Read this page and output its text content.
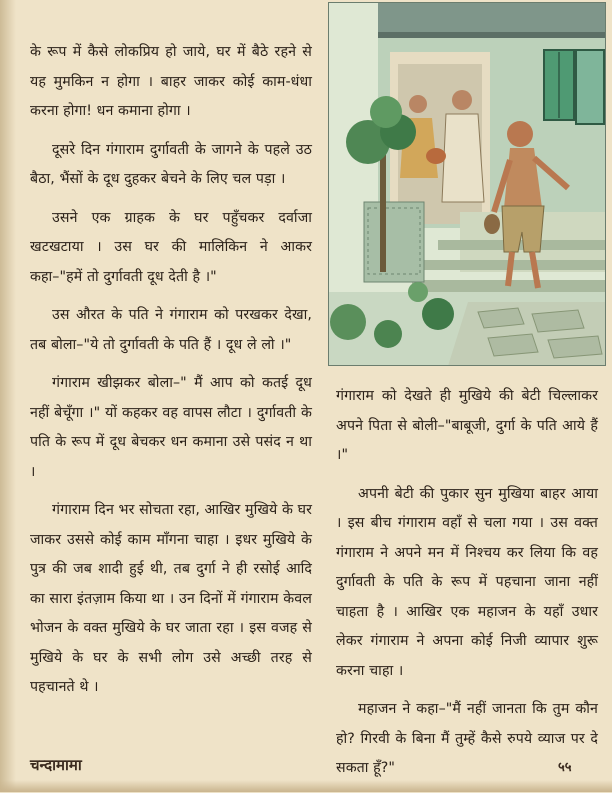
के रूप में कैसे लोकप्रिय हो जाये, घर में बैठे रहने से यह मुमकिन न होगा । बाहर जाकर कोई काम-धंधा करना होगा! धन कमाना होगा ।

दूसरे दिन गंगाराम दुर्गावती के जागने के पहले उठ बैठा, भैंसों के दूध दुहकर बेचने के लिए चल पड़ा ।

उसने एक ग्राहक के घर पहुँचकर दर्वाजा खटखटाया । उस घर की मालिकिन ने आकर कहा–"हमें तो दुर्गावती दूध देती है ।"

उस औरत के पति ने गंगाराम को परखकर देखा, तब बोला–"ये तो दुर्गावती के पति हैं । दूध ले लो ।"

गंगाराम खीझकर बोला–" मैं आप को कतई दूध नहीं बेचूँगा ।" यों कहकर वह वापस लौटा । दुर्गावती के पति के रूप में दूध बेचकर धन कमाना उसे पसंद न था ।

गंगाराम दिन भर सोचता रहा, आखिर मुखिये के घर जाकर उससे कोई काम माँगना चाहा । इधर मुखिये के पुत्र की जब शादी हुई थी, तब दुर्गा ने ही रसोई आदि का सारा इंतज़ाम किया था । उन दिनों में गंगाराम केवल भोजन के वक्त मुखिये के घर जाता रहा । इस वजह से मुखिये के घर के सभी लोग उसे अच्छी तरह से पहचानते थे ।

गंगाराम को देखते ही मुखिये की बेटी चिल्लाकर अपने पिता से बोली–"बाबूजी, दुर्गा के पति आये हैं ।"

अपनी बेटी की पुकार सुन मुखिया बाहर आया । इस बीच गंगाराम वहाँ से चला गया । उस वक्त गंगाराम ने अपने मन में निश्चय कर लिया कि वह दुर्गावती के पति के रूप में पहचाना जाना नहीं चाहता है । आखिर एक महाजन के यहाँ उधार लेकर गंगाराम ने अपना कोई निजी व्यापार शुरू करना चाहा ।

महाजन ने कहा–"मैं नहीं जानता कि तुम कौन हो? गिरवी के बिना मैं तुम्हें कैसे रुपये व्याज पर दे सकता हूँ?"

चन्दामामा	५५
